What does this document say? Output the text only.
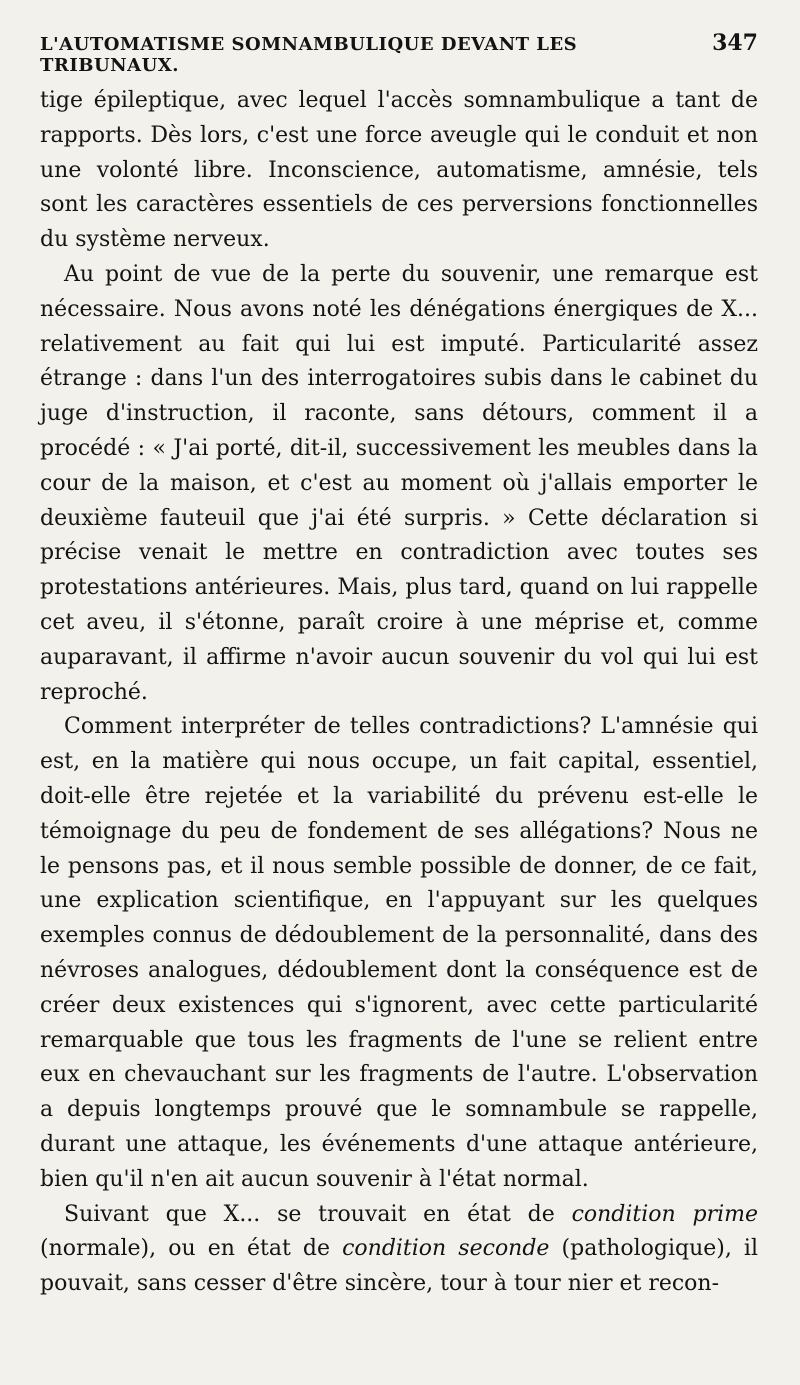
L'AUTOMATISME SOMNAMBULIQUE DEVANT LES TRIBUNAUX.
347

tige épileptique, avec lequel l'accès somnambulique a tant de rapports. Dès lors, c'est une force aveugle qui le conduit et non une volonté libre. Inconscience, automatisme, amnésie, tels sont les caractères essentiels de ces perversions fonctionnelles du système nerveux.

Au point de vue de la perte du souvenir, une remarque est nécessaire. Nous avons noté les dénégations énergiques de X... relativement au fait qui lui est imputé. Particularité assez étrange : dans l'un des interrogatoires subis dans le cabinet du juge d'instruction, il raconte, sans détours, comment il a procédé : « J'ai porté, dit-il, successivement les meubles dans la cour de la maison, et c'est au moment où j'allais emporter le deuxième fauteuil que j'ai été surpris. » Cette déclaration si précise venait le mettre en contradiction avec toutes ses protestations antérieures. Mais, plus tard, quand on lui rappelle cet aveu, il s'étonne, paraît croire à une méprise et, comme auparavant, il affirme n'avoir aucun souvenir du vol qui lui est reproché.

Comment interpréter de telles contradictions? L'amnésie qui est, en la matière qui nous occupe, un fait capital, essentiel, doit-elle être rejetée et la variabilité du prévenu est-elle le témoignage du peu de fondement de ses allégations? Nous ne le pensons pas, et il nous semble possible de donner, de ce fait, une explication scientifique, en l'appuyant sur les quelques exemples connus de dédoublement de la personnalité, dans des névroses analogues, dédoublement dont la conséquence est de créer deux existences qui s'ignorent, avec cette particularité remarquable que tous les fragments de l'une se relient entre eux en chevauchant sur les fragments de l'autre. L'observation a depuis longtemps prouvé que le somnambule se rappelle, durant une attaque, les événements d'une attaque antérieure, bien qu'il n'en ait aucun souvenir à l'état normal.

Suivant que X... se trouvait en état de condition prime (normale), ou en état de condition seconde (pathologique), il pouvait, sans cesser d'être sincère, tour à tour nier et recon-
